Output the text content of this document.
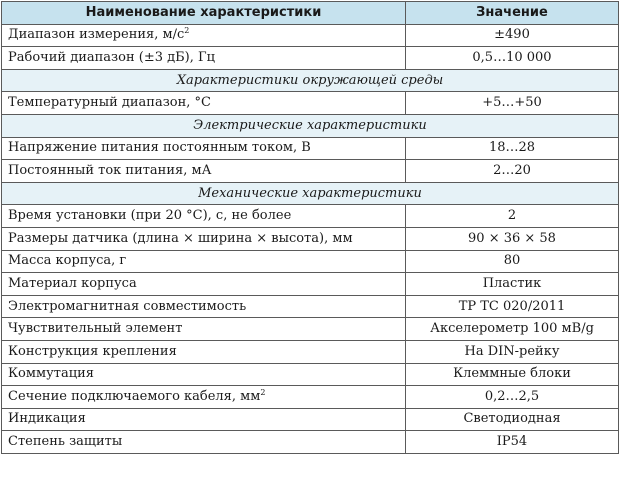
Наименование характеристики	Значение
Диапазон измерения, $м/с^2$	±490
Рабочий диапазон (±3 дБ), Гц	0,5…10 000
Характеристики окружающей среды	
Температурный диапазон, °С	+5…+50
Электрические характеристики	
Напряжение питания постоянным током, В	18…28
Постоянный ток питания, мА	2…20
Механические характеристики	
Время установки (при 20 °С), с, не более	2
Размеры датчика (длина × ширина × высота), мм	90 × 36 × 58
Масса корпуса, г	80
Материал корпуса	Пластик
Электромагнитная совместимость	ТР ТС 020/2011
Чувствительный элемент	Акселерометр 100 мВ/g
Конструкция крепления	На DIN-рейку
Коммутация	Клеммные блоки
Сечение подключаемого кабеля, $мм^2$	0,2…2,5
Индикация	Светодиодная
Степень защиты	IP54
